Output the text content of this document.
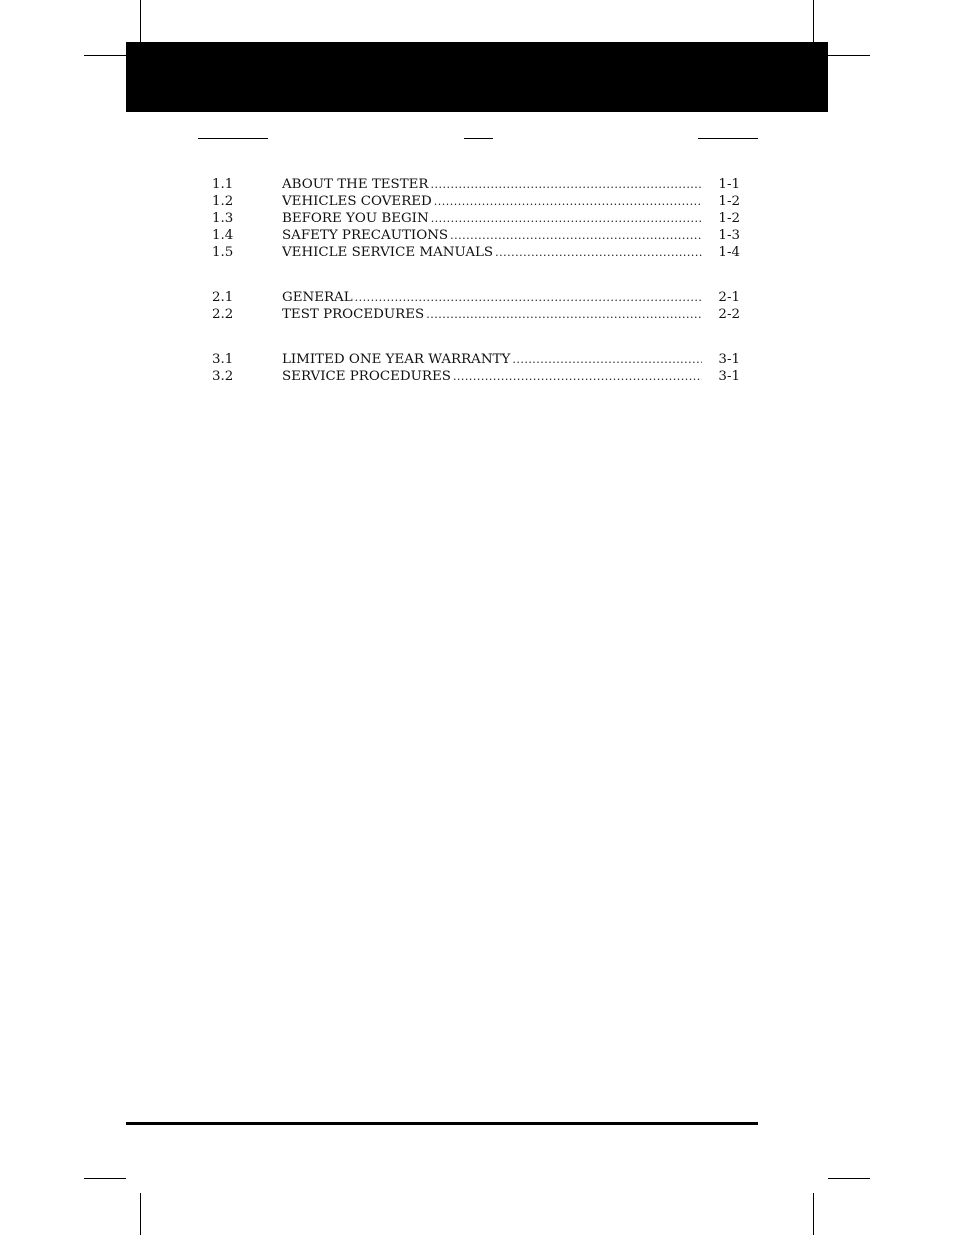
1.1	ABOUT THE TESTER .....	1-1
1.2	VEHICLES COVERED .....	1-2
1.3	BEFORE YOU BEGIN .....	1-2
1.4	SAFETY PRECAUTIONS .....	1-3
1.5	VEHICLE SERVICE MANUALS .....	1-4
2.1	GENERAL .....	2-1
2.2	TEST PROCEDURES .....	2-2
3.1	LIMITED ONE YEAR WARRANTY .....	3-1
3.2	SERVICE PROCEDURES .....	3-1
